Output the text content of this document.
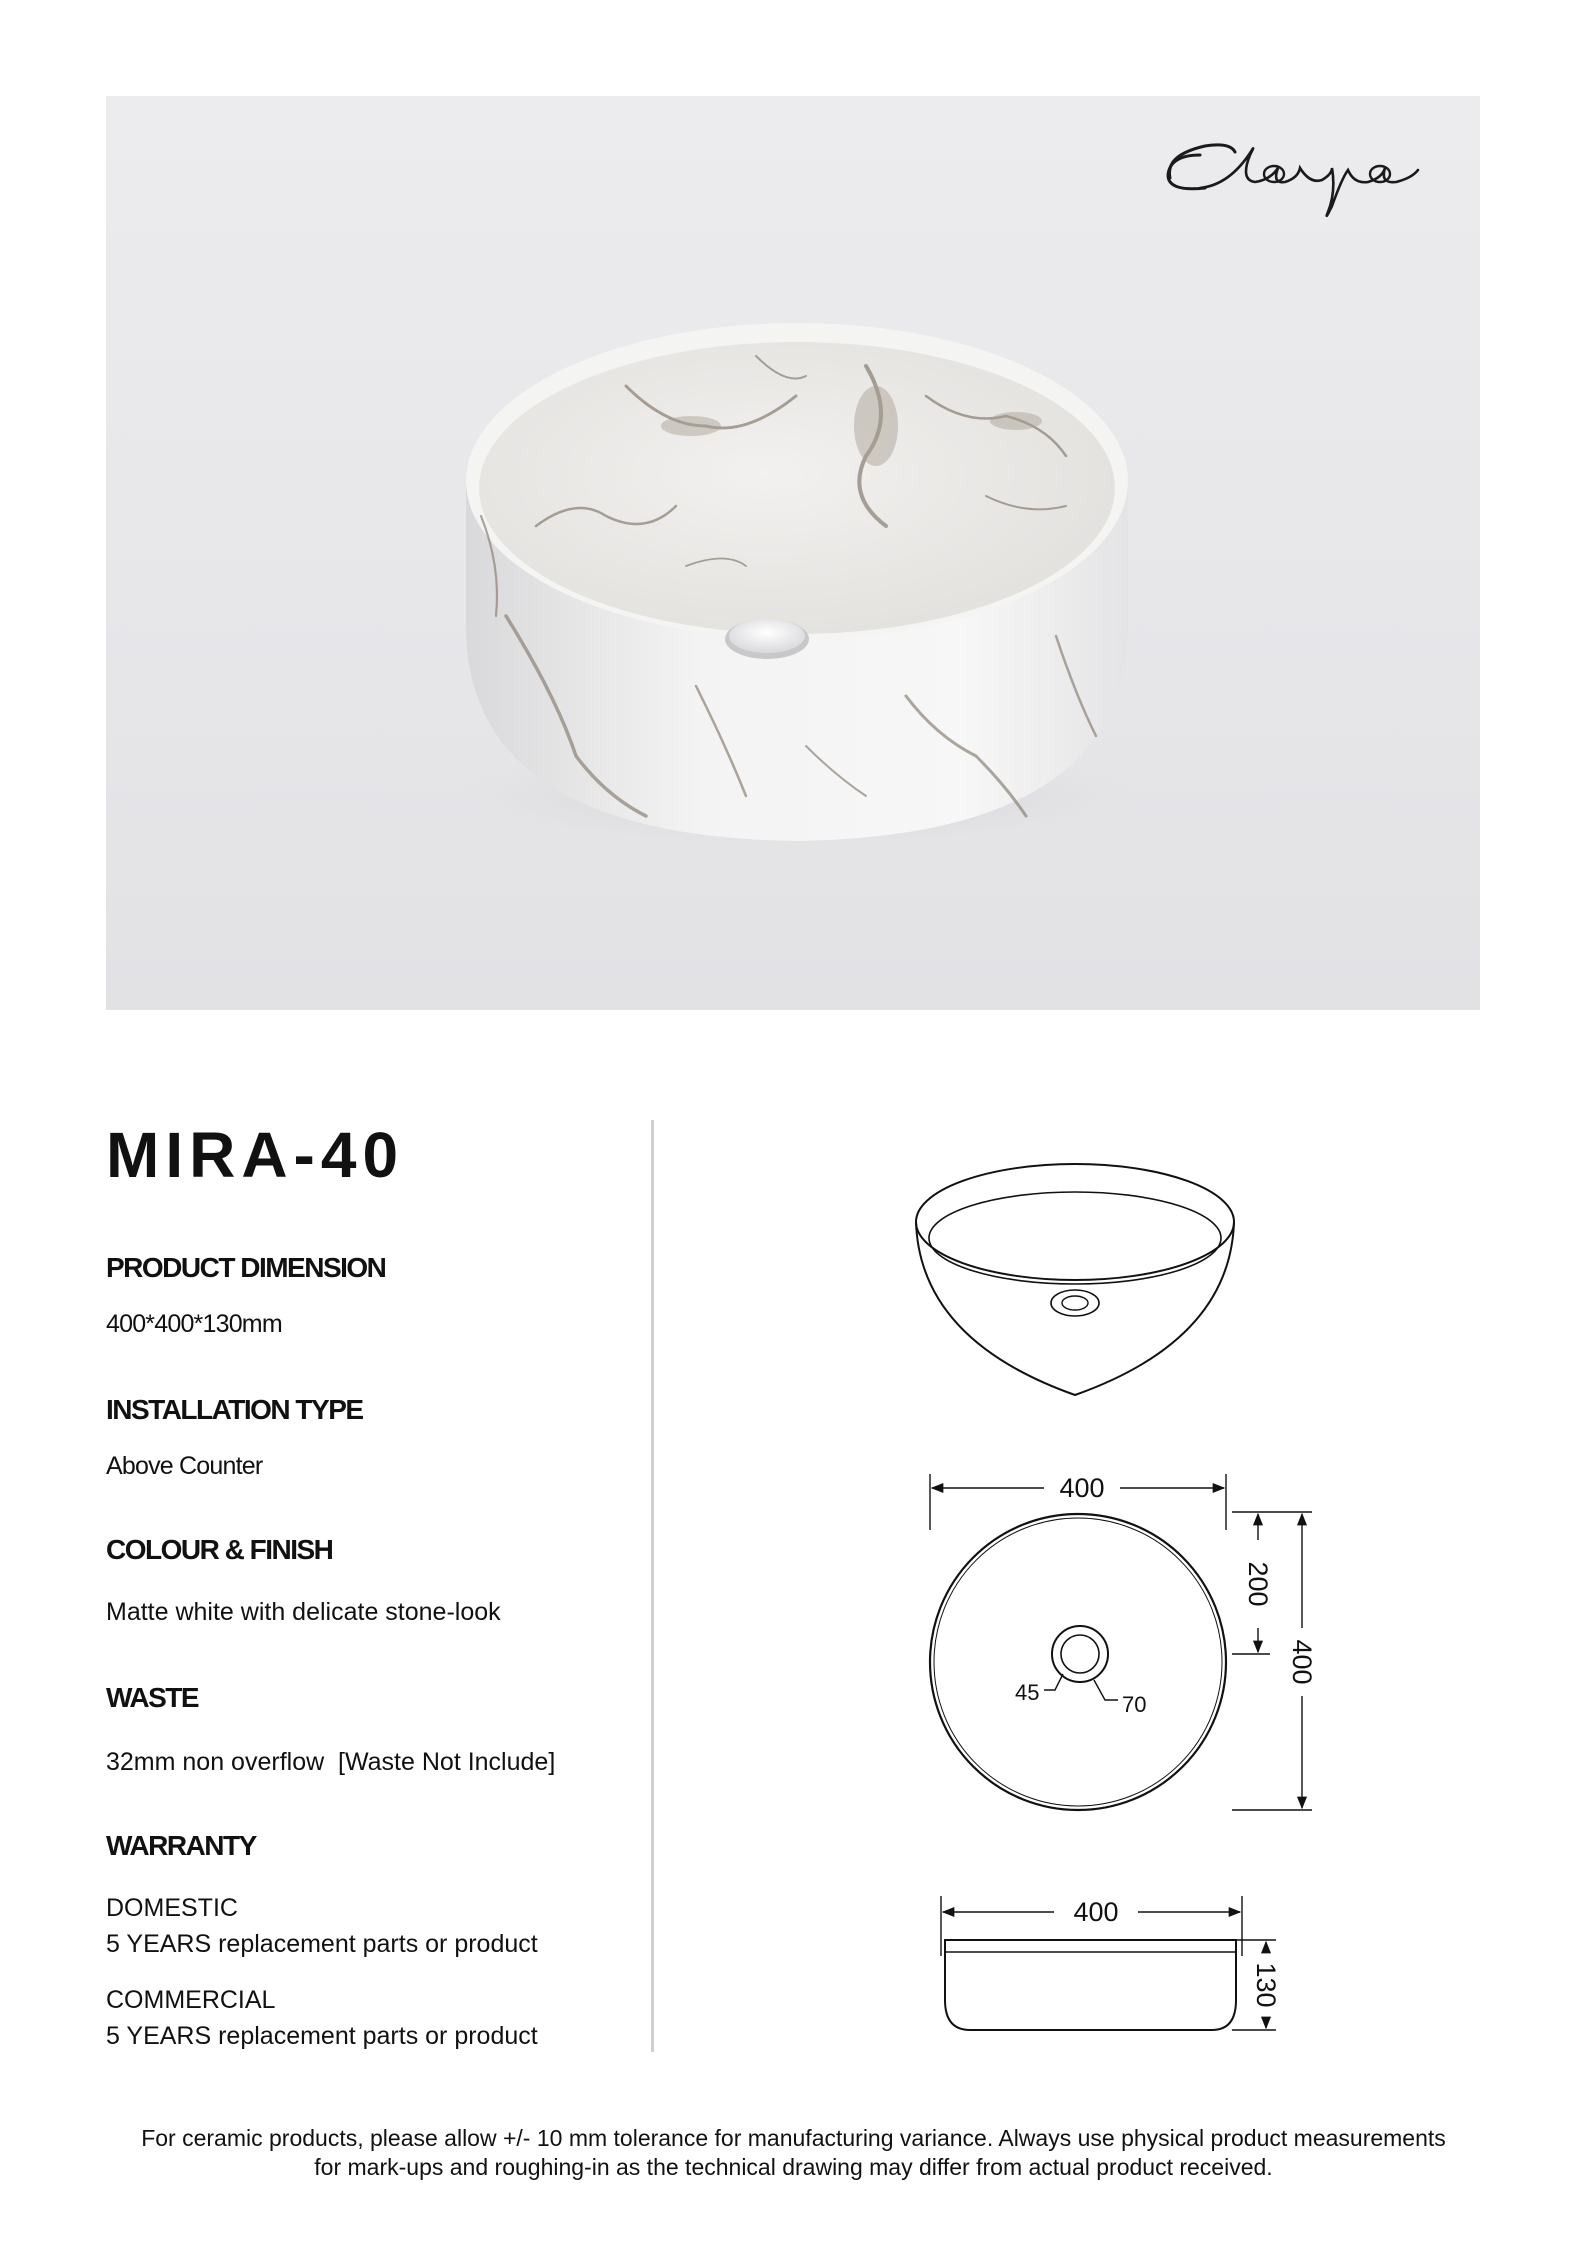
MIRA-40
PRODUCT DIMENSION

400*400*130mm

INSTALLATION TYPE

Above Counter

COLOUR & FINISH

Matte white with delicate stone-look

WASTE

32mm non overflow  [Waste Not Include]

WARRANTY

DOMESTIC

5 YEARS replacement parts or product

COMMERCIAL

5 YEARS replacement parts or product

400
200
400
45	70
400
130
For ceramic products, please allow +/- 10 mm tolerance for manufacturing variance. Always use physical product measurements
for mark-ups and roughing-in as the technical drawing may differ from actual product received.
